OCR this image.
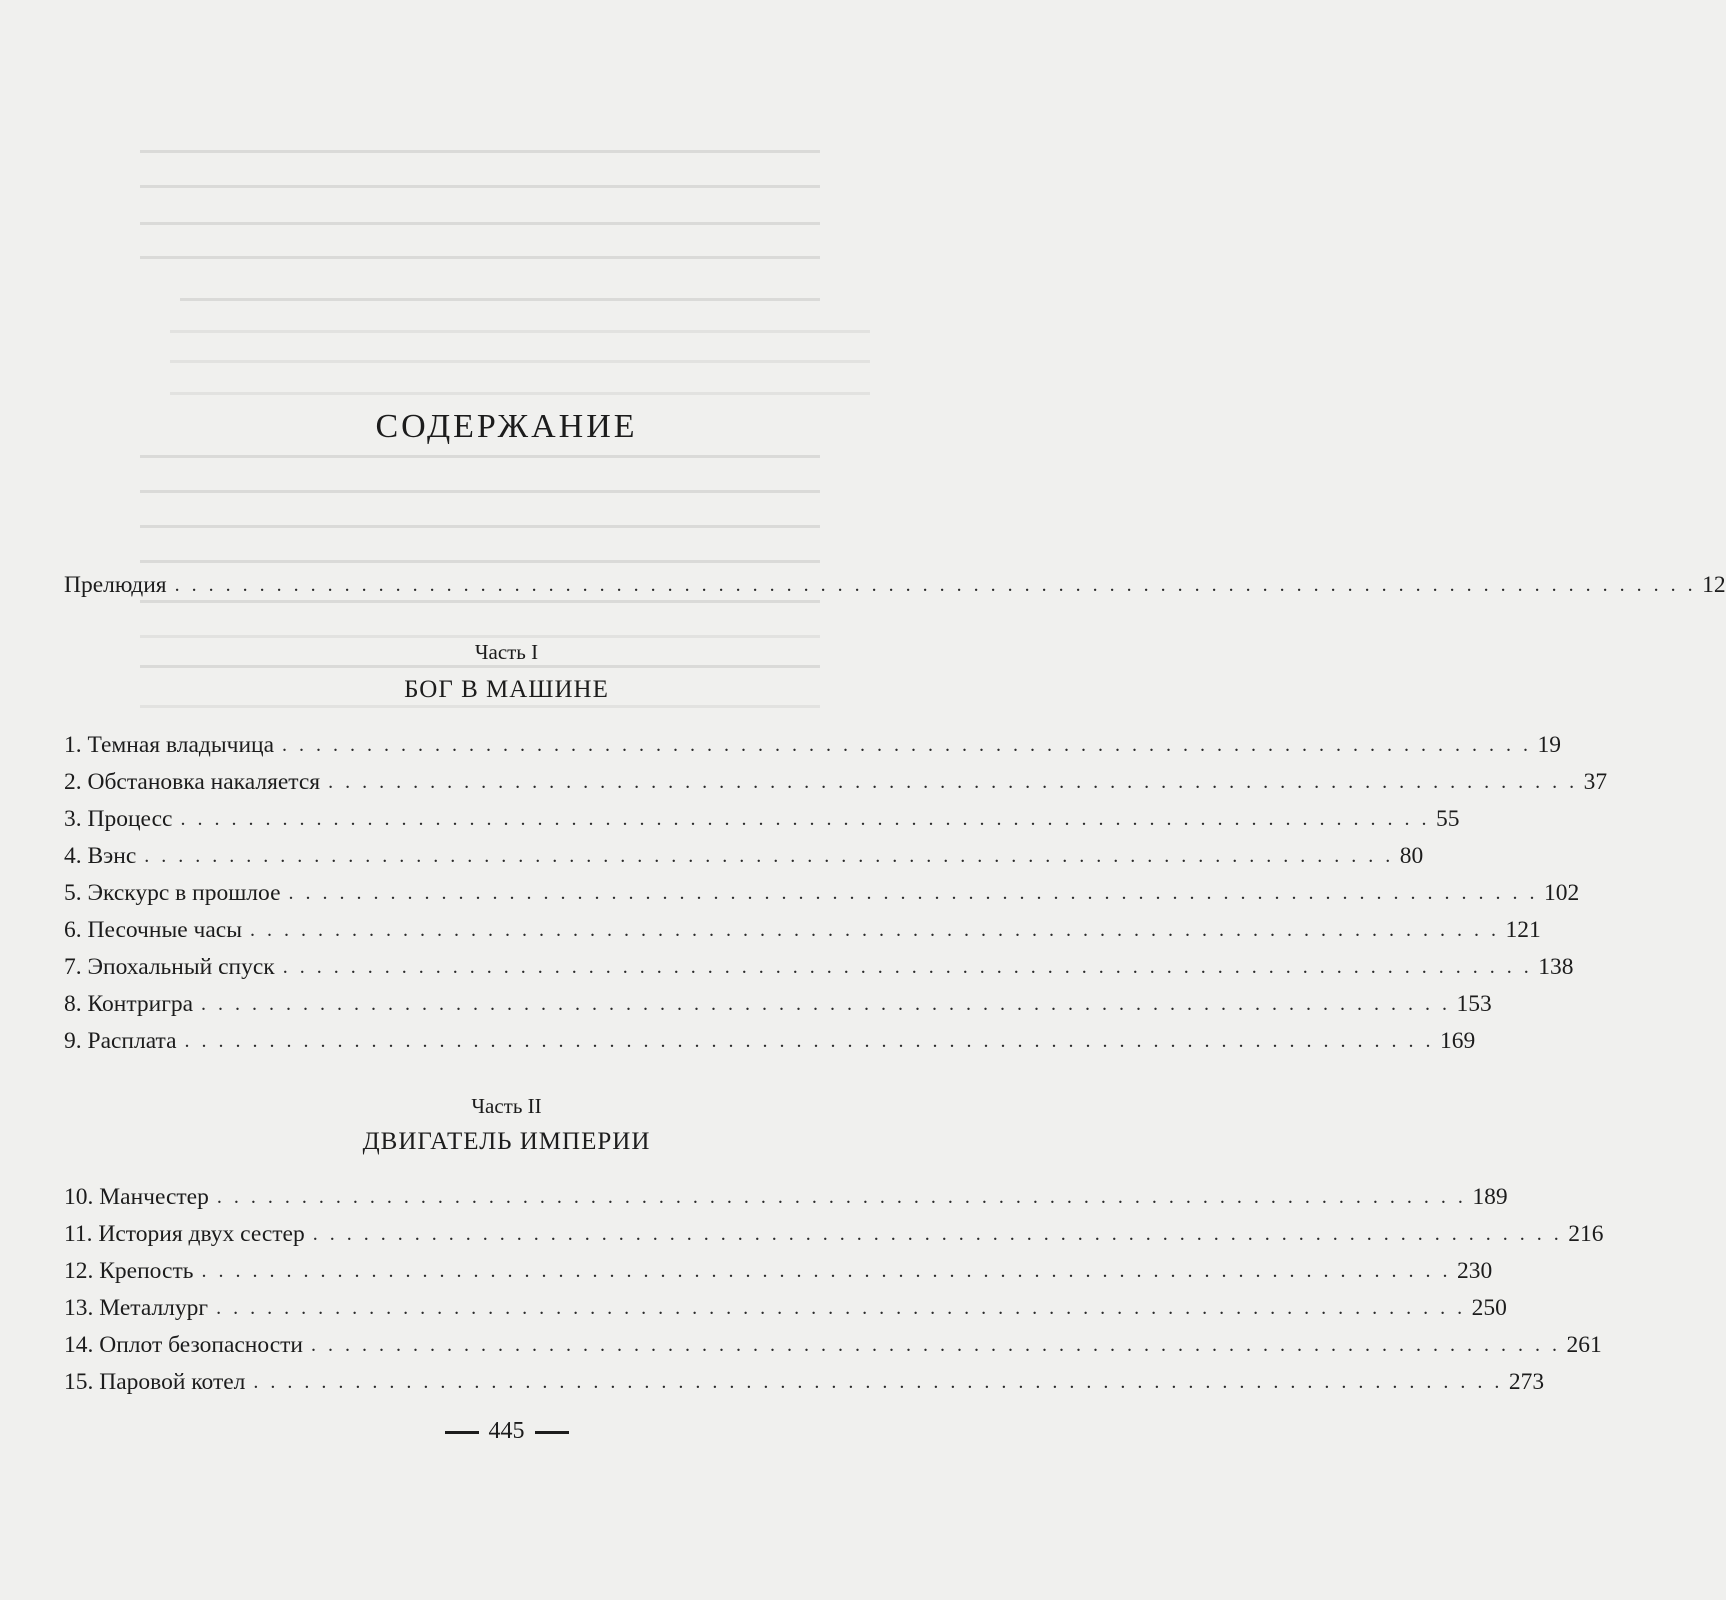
СОДЕРЖАНИЕ
Прелюдия . . . . . . . . . . . . . . . . . . . . . . . . . . . . . . . . . . . . . . . . . . . . . . . . . . . . . . . . . . . . . . . . . . . . . . . . . . . . . . . . . . . . . . . . . . 12
Часть I
БОГ В МАШИНЕ
1. Темная владычица . . . . . . . . . . . . . . . . . . . . . . . . . . . . . . . . . . . . . . . . . . . . . . . . . . . . . . . . . . . . . . . . . . . . . . . . . . 19
2. Обстановка накаляется . . . . . . . . . . . . . . . . . . . . . . . . . . . . . . . . . . . . . . . . . . . . . . . . . . . . . . . . . . . . . . . . . . . . . . . . . . 37
3. Процесс . . . . . . . . . . . . . . . . . . . . . . . . . . . . . . . . . . . . . . . . . . . . . . . . . . . . . . . . . . . . . . . . . . . . . . . . . . 55
4. Вэнс . . . . . . . . . . . . . . . . . . . . . . . . . . . . . . . . . . . . . . . . . . . . . . . . . . . . . . . . . . . . . . . . . . . . . . . . . . 80
5. Экскурс в прошлое . . . . . . . . . . . . . . . . . . . . . . . . . . . . . . . . . . . . . . . . . . . . . . . . . . . . . . . . . . . . . . . . . . . . . . . . . . 102
6. Песочные часы . . . . . . . . . . . . . . . . . . . . . . . . . . . . . . . . . . . . . . . . . . . . . . . . . . . . . . . . . . . . . . . . . . . . . . . . . . 121
7. Эпохальный спуск . . . . . . . . . . . . . . . . . . . . . . . . . . . . . . . . . . . . . . . . . . . . . . . . . . . . . . . . . . . . . . . . . . . . . . . . . . 138
8. Контригра . . . . . . . . . . . . . . . . . . . . . . . . . . . . . . . . . . . . . . . . . . . . . . . . . . . . . . . . . . . . . . . . . . . . . . . . . . 153
9. Расплата . . . . . . . . . . . . . . . . . . . . . . . . . . . . . . . . . . . . . . . . . . . . . . . . . . . . . . . . . . . . . . . . . . . . . . . . . . 169
Часть II
ДВИГАТЕЛЬ ИМПЕРИИ
10. Манчестер . . . . . . . . . . . . . . . . . . . . . . . . . . . . . . . . . . . . . . . . . . . . . . . . . . . . . . . . . . . . . . . . . . . . . . . . . . 189
11. История двух сестер . . . . . . . . . . . . . . . . . . . . . . . . . . . . . . . . . . . . . . . . . . . . . . . . . . . . . . . . . . . . . . . . . . . . . . . . . . 216
12. Крепость . . . . . . . . . . . . . . . . . . . . . . . . . . . . . . . . . . . . . . . . . . . . . . . . . . . . . . . . . . . . . . . . . . . . . . . . . . 230
13. Металлург . . . . . . . . . . . . . . . . . . . . . . . . . . . . . . . . . . . . . . . . . . . . . . . . . . . . . . . . . . . . . . . . . . . . . . . . . . 250
14. Оплот безопасности . . . . . . . . . . . . . . . . . . . . . . . . . . . . . . . . . . . . . . . . . . . . . . . . . . . . . . . . . . . . . . . . . . . . . . . . . . 261
15. Паровой котел . . . . . . . . . . . . . . . . . . . . . . . . . . . . . . . . . . . . . . . . . . . . . . . . . . . . . . . . . . . . . . . . . . . . . . . . . . 273
445
